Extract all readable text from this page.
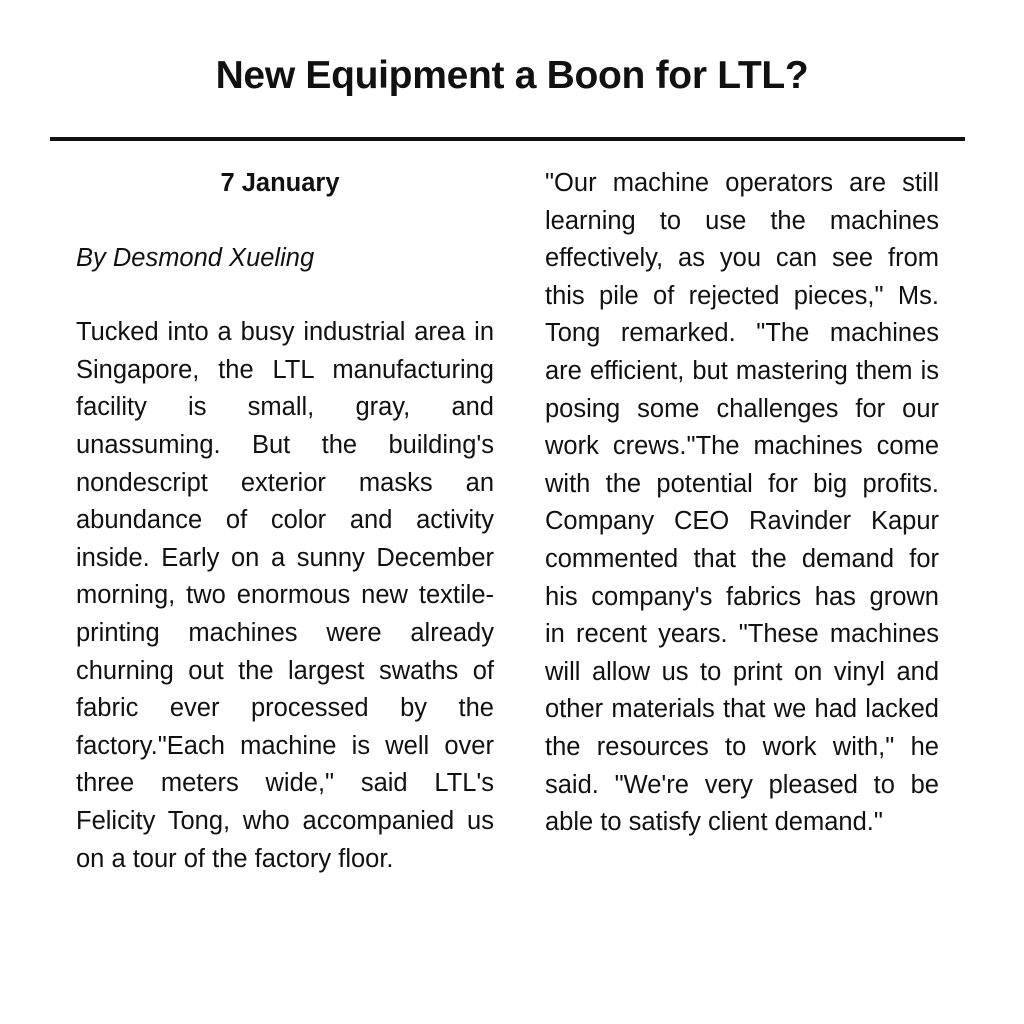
New Equipment a Boon for LTL?
7 January
By Desmond Xueling
Tucked into a busy industrial area in Singapore, the LTL manufacturing facility is small, gray, and unassuming. But the building's nondescript exterior masks an abundance of color and activity inside. Early on a sunny December morning, two enormous new textile-printing machines were already churning out the largest swaths of fabric ever processed by the factory."Each machine is well over three meters wide," said LTL's Felicity Tong, who accompanied us on a tour of the factory floor.
"Our machine operators are still learning to use the machines effectively, as you can see from this pile of rejected pieces," Ms. Tong remarked. "The machines are efficient, but mastering them is posing some challenges for our work crews."The machines come with the potential for big profits. Company CEO Ravinder Kapur commented that the demand for his company's fabrics has grown in recent years. "These machines will allow us to print on vinyl and other materials that we had lacked the resources to work with," he said. "We're very pleased to be able to satisfy client demand."
